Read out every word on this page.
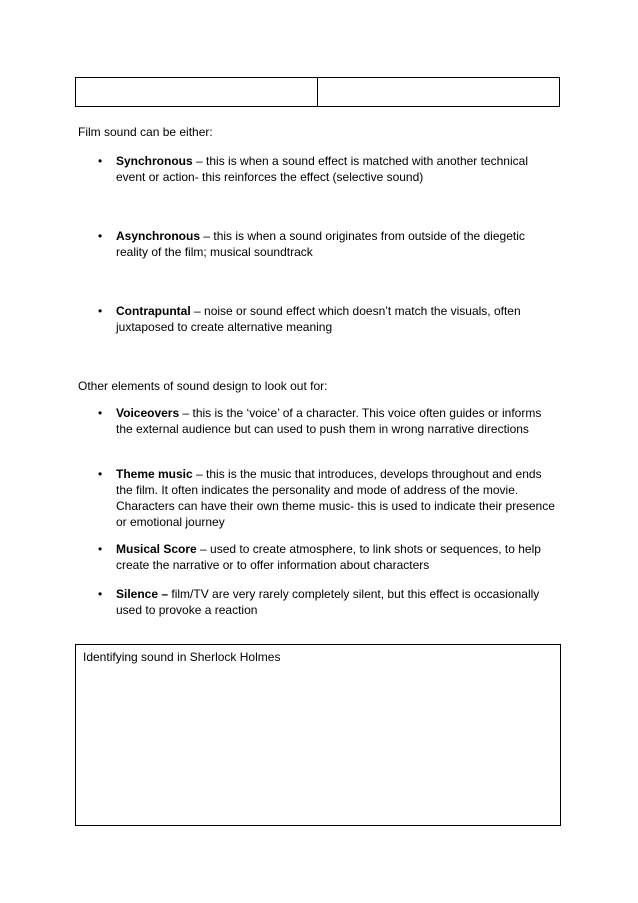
Film sound can be either:
• Synchronous – this is when a sound effect is matched with another technical event or action- this reinforces the effect (selective sound)
• Asynchronous – this is when a sound originates from outside of the diegetic reality of the film; musical soundtrack
• Contrapuntal – noise or sound effect which doesn’t match the visuals, often juxtaposed to create alternative meaning
Other elements of sound design to look out for:
• Voiceovers – this is the ‘voice’ of a character. This voice often guides or informs the external audience but can used to push them in wrong narrative directions
• Theme music – this is the music that introduces, develops throughout and ends the film. It often indicates the personality and mode of address of the movie. Characters can have their own theme music- this is used to indicate their presence or emotional journey
• Musical Score – used to create atmosphere, to link shots or sequences, to help create the narrative or to offer information about characters
• Silence – film/TV are very rarely completely silent, but this effect is occasionally used to provoke a reaction
Identifying sound in Sherlock Holmes
